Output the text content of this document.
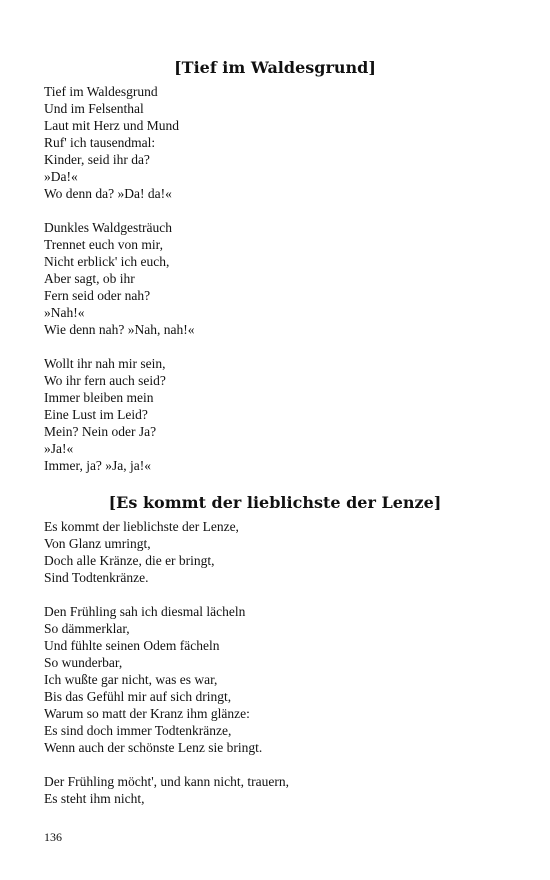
[Tief im Waldesgrund]
Tief im Waldesgrund
Und im Felsenthal
Laut mit Herz und Mund
Ruf' ich tausendmal:
Kinder, seid ihr da?
»Da!«
Wo denn da? »Da! da!«
Dunkles Waldgesträuch
Trennet euch von mir,
Nicht erblick' ich euch,
Aber sagt, ob ihr
Fern seid oder nah?
»Nah!«
Wie denn nah? »Nah, nah!«
Wollt ihr nah mir sein,
Wo ihr fern auch seid?
Immer bleiben mein
Eine Lust im Leid?
Mein? Nein oder Ja?
»Ja!«
Immer, ja? »Ja, ja!«
[Es kommt der lieblichste der Lenze]
Es kommt der lieblichste der Lenze,
Von Glanz umringt,
Doch alle Kränze, die er bringt,
Sind Todtenkränze.
Den Frühling sah ich diesmal lächeln
So dämmerklar,
Und fühlte seinen Odem fächeln
So wunderbar,
Ich wußte gar nicht, was es war,
Bis das Gefühl mir auf sich dringt,
Warum so matt der Kranz ihm glänze:
Es sind doch immer Todtenkränze,
Wenn auch der schönste Lenz sie bringt.
Der Frühling möcht', und kann nicht, trauern,
Es steht ihm nicht,
136
